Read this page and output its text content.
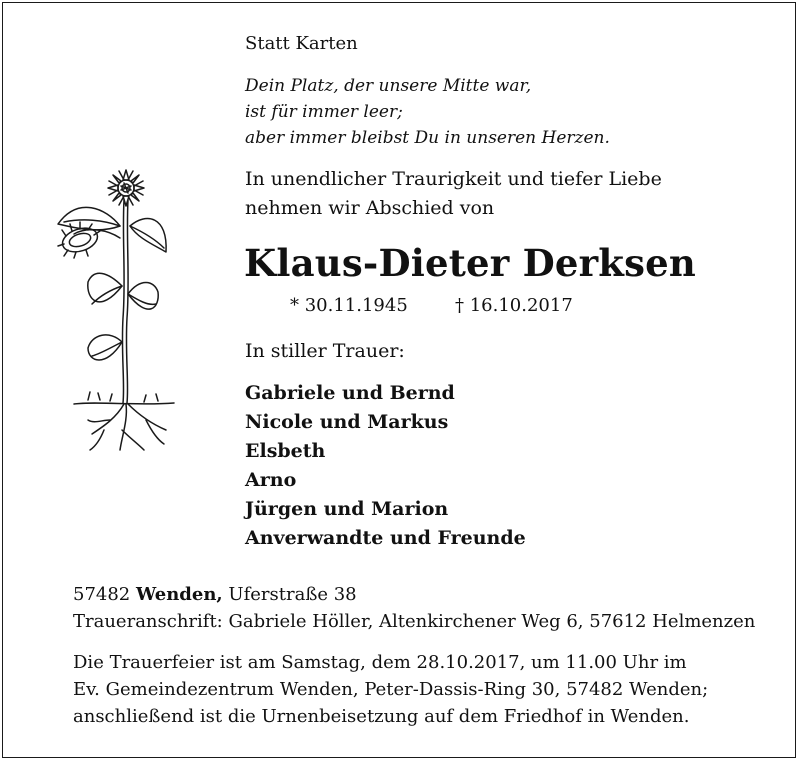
Statt Karten

Dein Platz, der unsere Mitte war,

ist für immer leer;

aber immer bleibst Du in unseren Herzen.

In unendlicher Traurigkeit und tiefer Liebe

nehmen wir Abschied von

Klaus-Dieter Derksen

* 30.11.1945	† 16.10.2017

In stiller Trauer:

Gabriele und Bernd

Nicole und Markus

Elsbeth

Arno

Jürgen und Marion

Anverwandte und Freunde

57482 Wenden, Uferstraße 38

Traueranschrift: Gabriele Höller, Altenkirchener Weg 6, 57612 Helmenzen

Die Trauerfeier ist am Samstag, dem 28.10.2017, um 11.00 Uhr im

Ev. Gemeindezentrum Wenden, Peter-Dassis-Ring 30, 57482 Wenden;

anschließend ist die Urnenbeisetzung auf dem Friedhof in Wenden.
